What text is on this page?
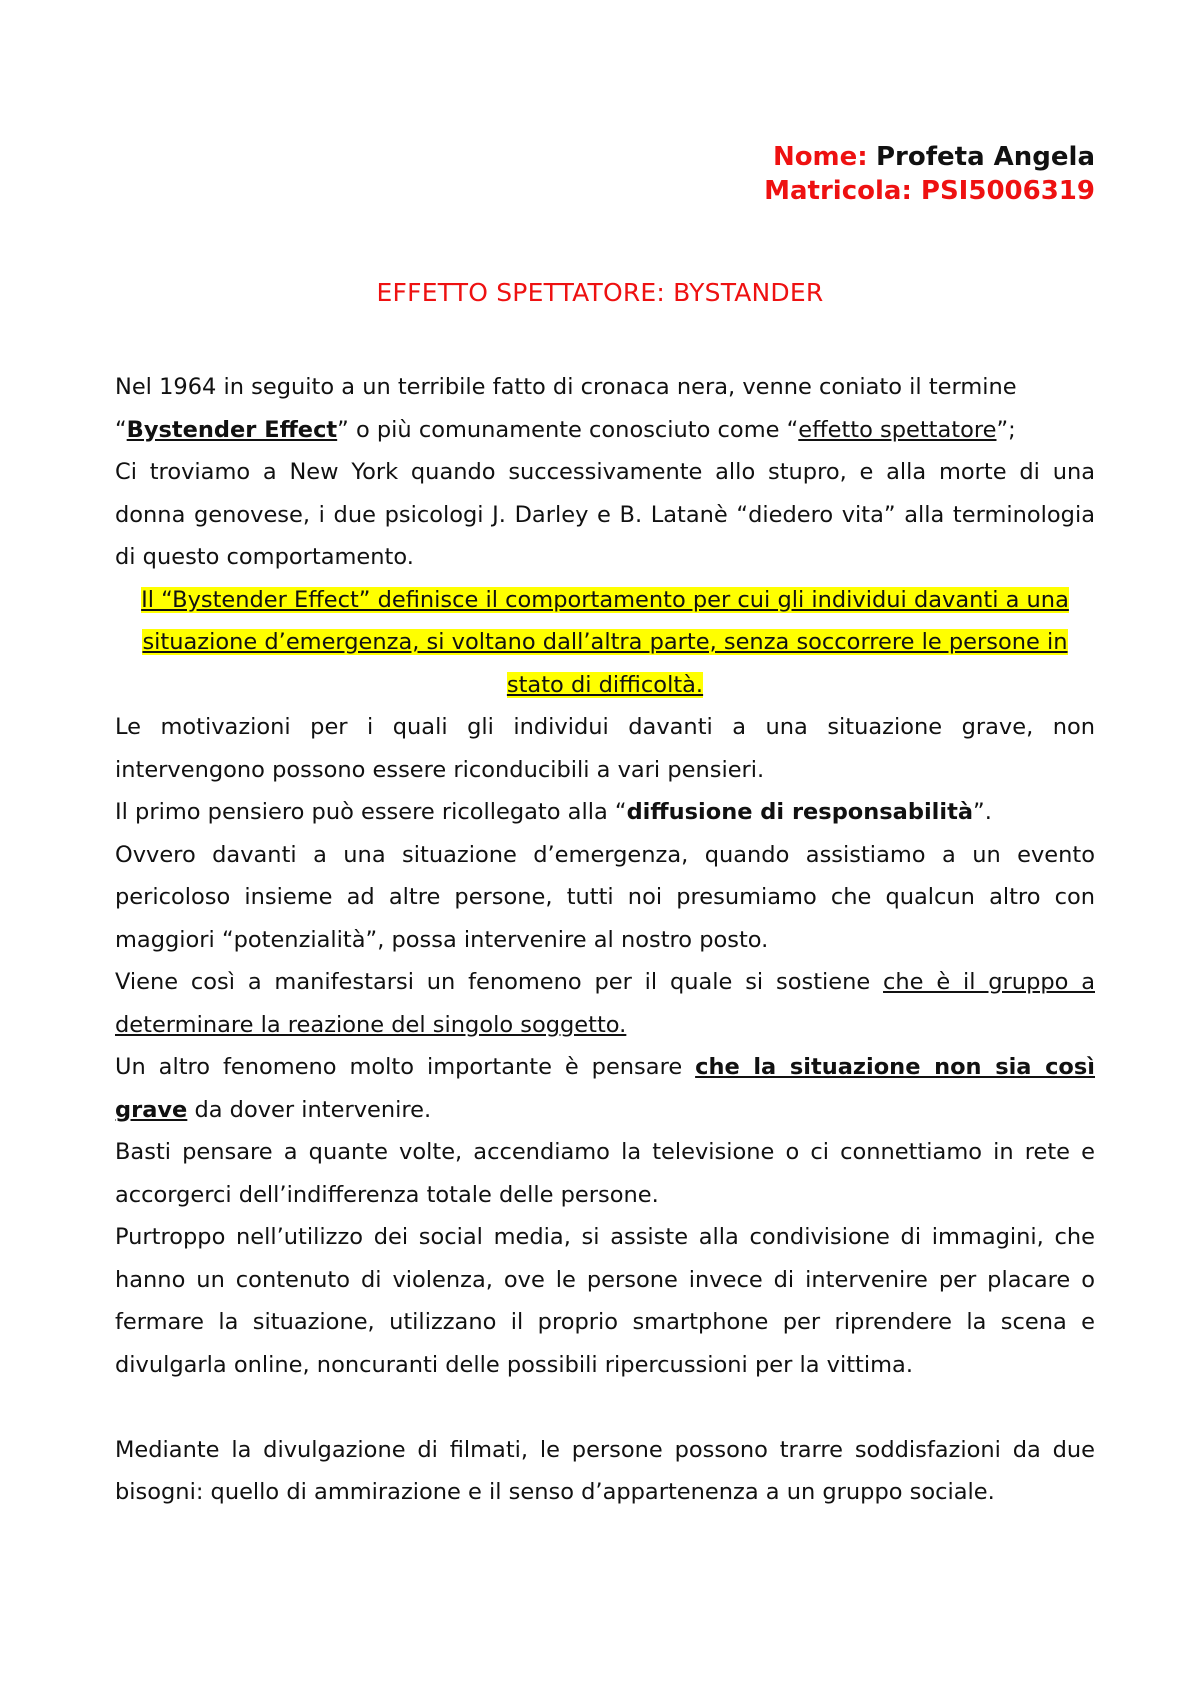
Nome: Profeta Angela
Matricola: PSI5006319
EFFETTO SPETTATORE: BYSTANDER

Nel 1964 in seguito a un terribile fatto di cronaca nera, venne coniato il termine “Bystender Effect” o più comunamente conosciuto come “effetto spettatore”;

Ci troviamo a New York quando successivamente allo stupro, e alla morte di una donna genovese, i due psicologi J. Darley e B. Latanè “diedero vita” alla terminologia di questo comportamento.

Il “Bystender Effect” definisce il comportamento per cui gli individui davanti a una situazione d’emergenza, si voltano dall’altra parte, senza soccorrere le persone in stato di difficoltà.

Le motivazioni per i quali gli individui davanti a una situazione grave, non intervengono possono essere riconducibili a vari pensieri.

Il primo pensiero può essere ricollegato alla “diffusione di responsabilità”.

Ovvero davanti a una situazione d’emergenza, quando assistiamo a un evento pericoloso insieme ad altre persone, tutti noi presumiamo che qualcun altro con maggiori “potenzialità”, possa intervenire al nostro posto.

Viene così a manifestarsi un fenomeno per il quale si sostiene che è il gruppo a determinare la reazione del singolo soggetto.

Un altro fenomeno molto importante è pensare che la situazione non sia così grave da dover intervenire.

Basti pensare a quante volte, accendiamo la televisione o ci connettiamo in rete e accorgerci dell’indifferenza totale delle persone.

Purtroppo nell’utilizzo dei social media, si assiste alla condivisione di immagini, che hanno un contenuto di violenza, ove le persone invece di intervenire per placare o fermare la situazione, utilizzano il proprio smartphone per riprendere la scena e divulgarla online, noncuranti delle possibili ripercussioni per la vittima.

Mediante la divulgazione di filmati, le persone possono trarre soddisfazioni da due bisogni: quello di ammirazione e il senso d’appartenenza a un gruppo sociale.
